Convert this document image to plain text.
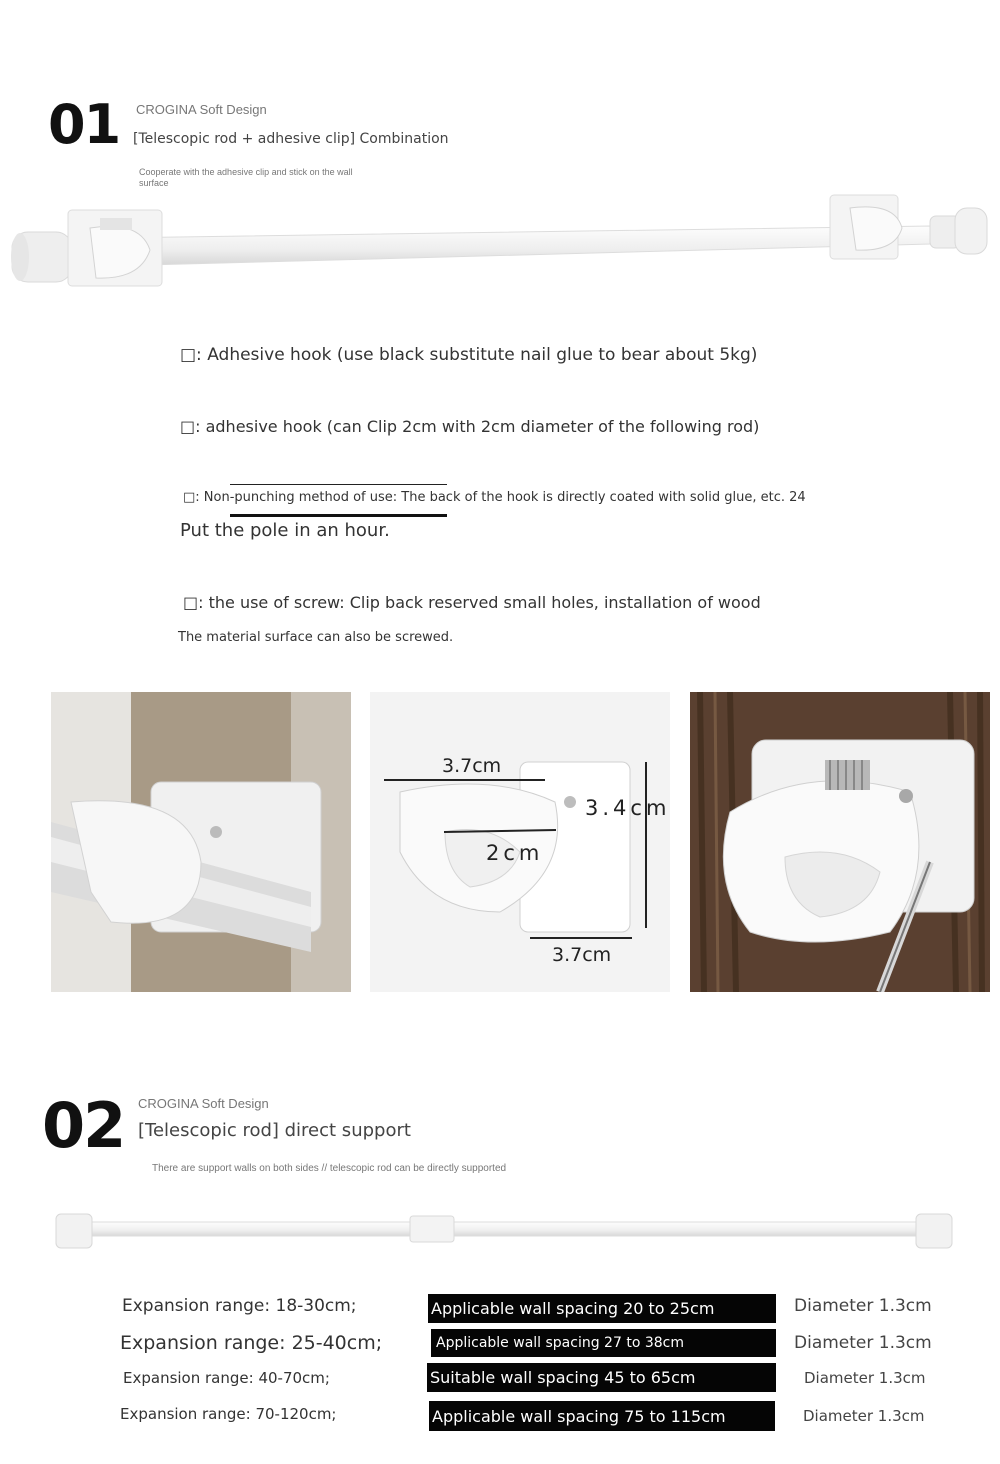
01 CROGINA Soft Design
[Telescopic rod + adhesive clip] Combination
Cooperate with the adhesive clip and stick on the wall surface
□: Adhesive hook (use black substitute nail glue to bear about 5kg)
□: adhesive hook (can Clip 2cm with 2cm diameter of the following rod)
□: Non-punching method of use: The back of the hook is directly coated with solid glue, etc. 24
Put the pole in an hour.
□: the use of screw: Clip back reserved small holes, installation of wood
The material surface can also be screwed.
3.7cm
3.4cm
2cm
3.7cm
02 CROGINA Soft Design
[Telescopic rod] direct support
There are support walls on both sides // telescopic rod can be directly supported
Expansion range: 18-30cm;	Applicable wall spacing 20 to 25cm	Diameter 1.3cm
Expansion range: 25-40cm;	Applicable wall spacing 27 to 38cm	Diameter 1.3cm
Expansion range: 40-70cm;	Suitable wall spacing 45 to 65cm	Diameter 1.3cm
Expansion range: 70-120cm;	Applicable wall spacing 75 to 115cm	Diameter 1.3cm
